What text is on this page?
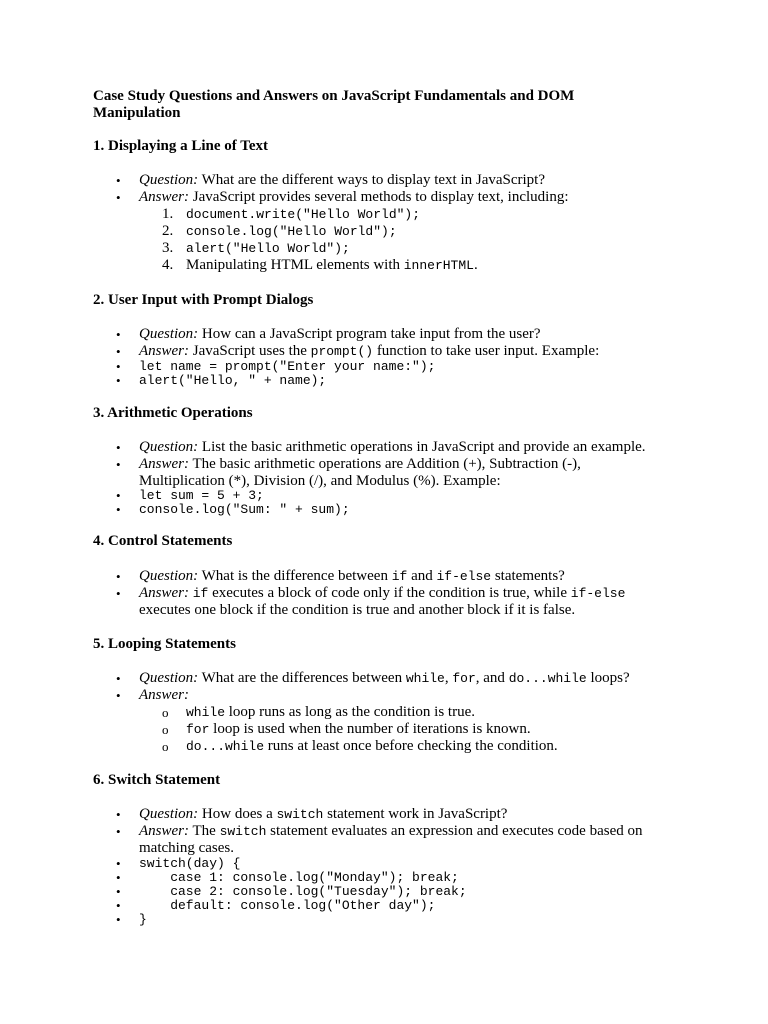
Case Study Questions and Answers on JavaScript Fundamentals and DOM
Manipulation
1. Displaying a Line of Text
• Question: What are the different ways to display text in JavaScript?
• Answer: JavaScript provides several methods to display text, including:
1. document.write("Hello World");
2. console.log("Hello World");
3. alert("Hello World");
4. Manipulating HTML elements with innerHTML.
2. User Input with Prompt Dialogs
• Question: How can a JavaScript program take input from the user?
• Answer: JavaScript uses the prompt() function to take user input. Example:
• let name = prompt("Enter your name:");
• alert("Hello, " + name);
3. Arithmetic Operations
• Question: List the basic arithmetic operations in JavaScript and provide an example.
• Answer: The basic arithmetic operations are Addition (+), Subtraction (-),
Multiplication (*), Division (/), and Modulus (%). Example:
• let sum = 5 + 3;
• console.log("Sum: " + sum);
4. Control Statements
• Question: What is the difference between if and if-else statements?
• Answer: if executes a block of code only if the condition is true, while if-else
executes one block if the condition is true and another block if it is false.
5. Looping Statements
• Question: What are the differences between while, for, and do...while loops?
• Answer:
o while loop runs as long as the condition is true.
o for loop is used when the number of iterations is known.
o do...while runs at least once before checking the condition.
6. Switch Statement
• Question: How does a switch statement work in JavaScript?
• Answer: The switch statement evaluates an expression and executes code based on
matching cases.
• switch(day) {
• case 1: console.log("Monday"); break;
• case 2: console.log("Tuesday"); break;
• default: console.log("Other day");
• }
